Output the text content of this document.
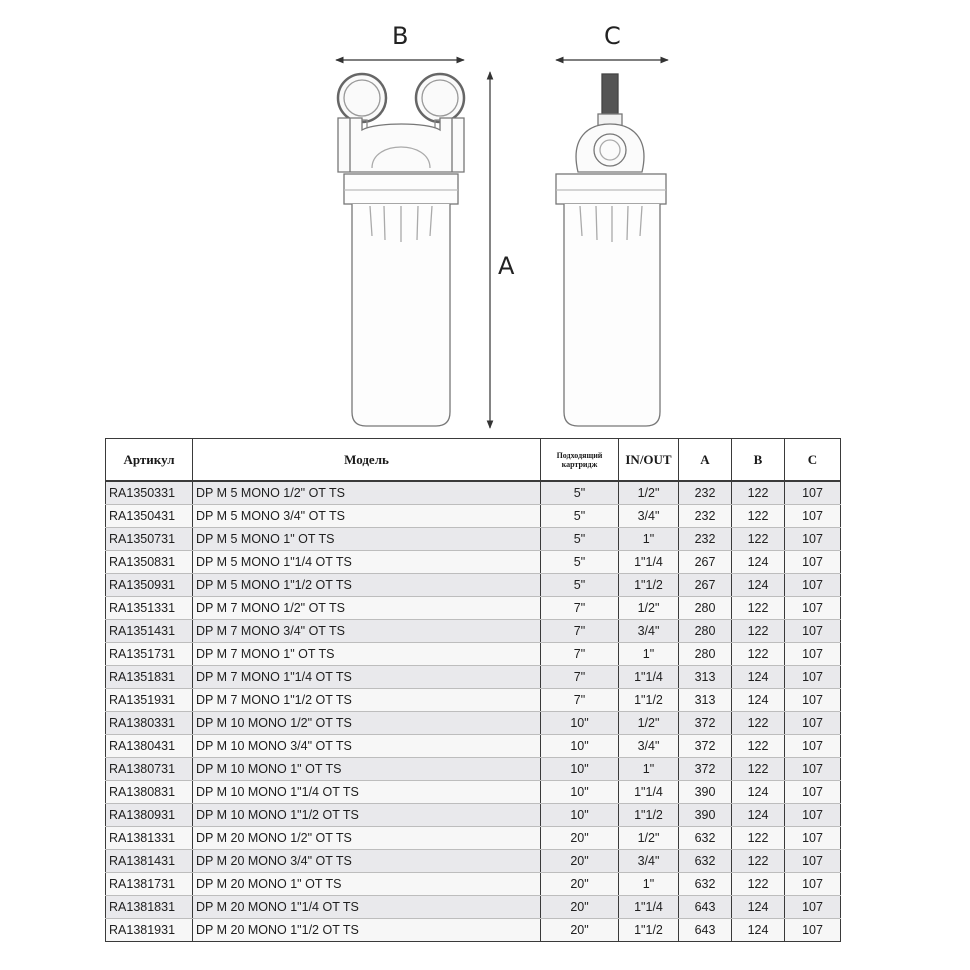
B	C
A
Артикул	Модель	Подходящий картридж	IN/OUT	A	B	C
RA1350331	DP M 5 MONO 1/2" OT TS	5"	1/2"	232	122	107
RA1350431	DP M 5 MONO 3/4" OT TS	5"	3/4"	232	122	107
RA1350731	DP M 5 MONO 1" OT TS	5"	1"	232	122	107
RA1350831	DP M 5 MONO 1"1/4 OT TS	5"	1"1/4	267	124	107
RA1350931	DP M 5 MONO 1"1/2 OT TS	5"	1"1/2	267	124	107
RA1351331	DP M 7 MONO 1/2" OT TS	7"	1/2"	280	122	107
RA1351431	DP M 7 MONO 3/4" OT TS	7"	3/4"	280	122	107
RA1351731	DP M 7 MONO 1" OT TS	7"	1"	280	122	107
RA1351831	DP M 7 MONO 1"1/4 OT TS	7"	1"1/4	313	124	107
RA1351931	DP M 7 MONO 1"1/2 OT TS	7"	1"1/2	313	124	107
RA1380331	DP M 10 MONO 1/2" OT TS	10"	1/2"	372	122	107
RA1380431	DP M 10 MONO 3/4" OT TS	10"	3/4"	372	122	107
RA1380731	DP M 10 MONO 1" OT TS	10"	1"	372	122	107
RA1380831	DP M 10 MONO 1"1/4 OT TS	10"	1"1/4	390	124	107
RA1380931	DP M 10 MONO 1"1/2 OT TS	10"	1"1/2	390	124	107
RA1381331	DP M 20 MONO 1/2" OT TS	20"	1/2"	632	122	107
RA1381431	DP M 20 MONO 3/4" OT TS	20"	3/4"	632	122	107
RA1381731	DP M 20 MONO 1" OT TS	20"	1"	632	122	107
RA1381831	DP M 20 MONO 1"1/4 OT TS	20"	1"1/4	643	124	107
RA1381931	DP M 20 MONO 1"1/2 OT TS	20"	1"1/2	643	124	107
